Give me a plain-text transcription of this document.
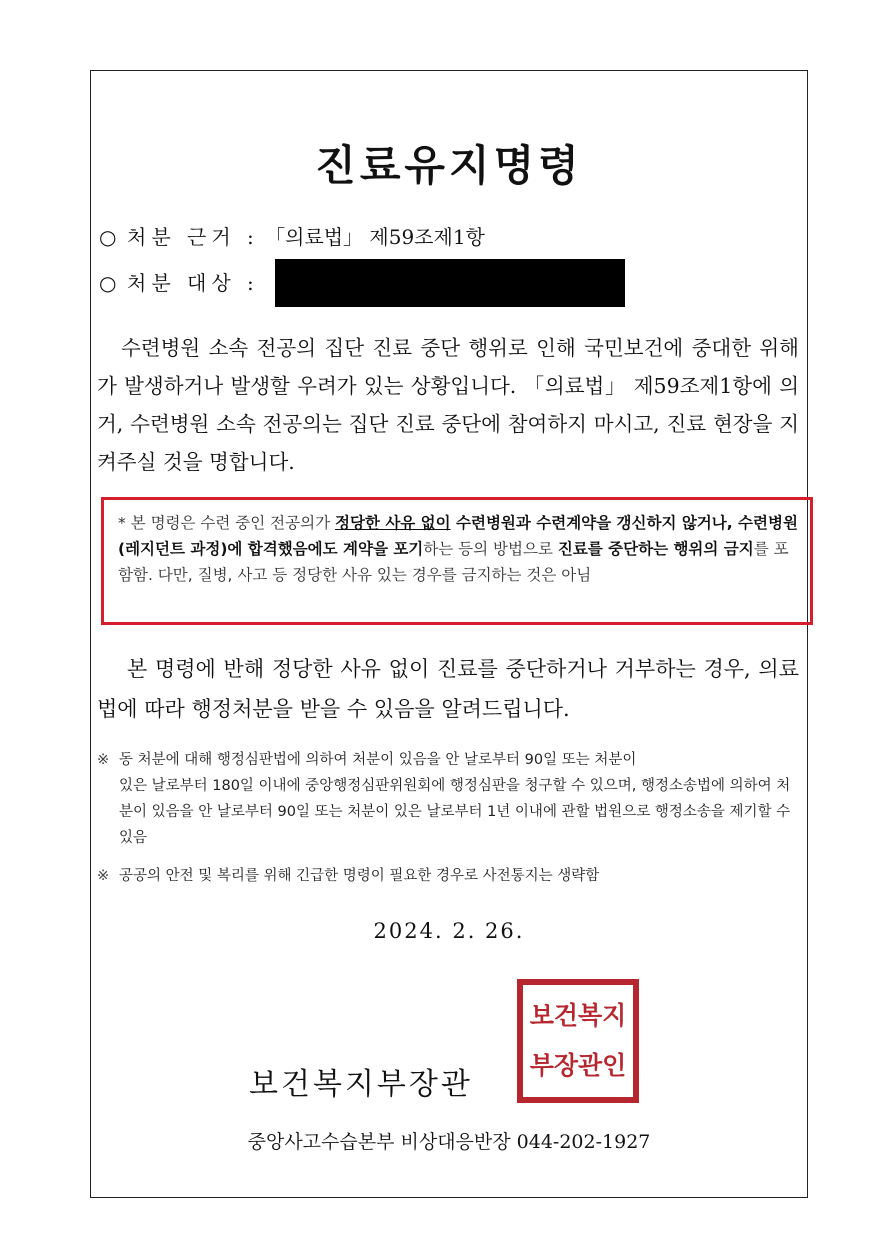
진료유지명령
○ 처분 근거 : 「의료법」 제59조제1항
○ 처분 대상 :
수련병원 소속 전공의 집단 진료 중단 행위로 인해 국민보건에 중대한 위해가 발생하거나 발생할 우려가 있는 상황입니다. 「의료법」 제59조제1항에 의거, 수련병원 소속 전공의는 집단 진료 중단에 참여하지 마시고, 진료 현장을 지켜주실 것을 명합니다.
* 본 명령은 수련 중인 전공의가 정당한 사유 없이 수련병원과 수련계약을 갱신하지 않거나, 수련병원(레지던트 과정)에 합격했음에도 계약을 포기하는 등의 방법으로 진료를 중단하는 행위의 금지를 포함함. 다만, 질병, 사고 등 정당한 사유 있는 경우를 금지하는 것은 아님
본 명령에 반해 정당한 사유 없이 진료를 중단하거나 거부하는 경우, 의료법에 따라 행정처분을 받을 수 있음을 알려드립니다.
※ 동 처분에 대해 행정심판법에 의하여 처분이 있음을 안 날로부터 90일 또는 처분이
있은 날로부터 180일 이내에 중앙행정심판위원회에 행정심판을 청구할 수 있으며, 행정소송법에 의하여 처분이 있음을 안 날로부터 90일 또는 처분이 있은 날로부터 1년 이내에 관할 법원으로 행정소송을 제기할 수 있음
※ 공공의 안전 및 복리를 위해 긴급한 명령이 필요한 경우로 사전통지는 생략함
2024. 2. 26.
보건복지부장관
보건복지
부장관인
중앙사고수습본부 비상대응반장 044-202-1927
